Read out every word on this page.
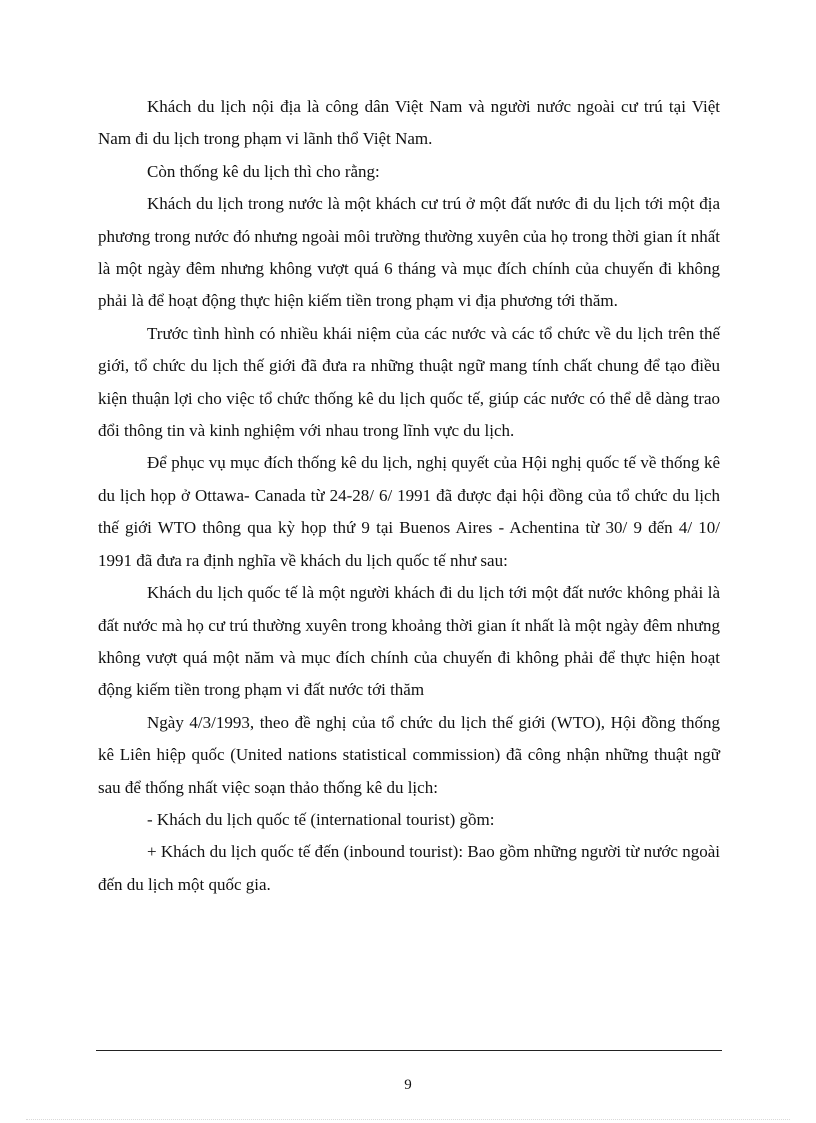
Khách du lịch nội địa là công dân Việt Nam và người nước ngoài cư trú tại Việt Nam đi du lịch trong phạm vi lãnh thổ Việt Nam.

Còn thống kê du lịch thì cho rằng:

Khách du lịch trong nước là một khách cư trú ở một đất nước đi du lịch tới một địa phương trong nước đó nhưng ngoài môi trường thường xuyên của họ trong thời gian ít nhất là một ngày đêm nhưng không vượt quá 6 tháng và mục đích chính của chuyến đi không phải là để hoạt động thực hiện kiếm tiền trong phạm vi địa phương tới thăm.

Trước tình hình có nhiều khái niệm của các nước và các tổ chức về du lịch trên thế giới, tổ chức du lịch thế giới đã đưa ra những thuật ngữ mang tính chất chung để tạo điều kiện thuận lợi cho việc tổ chức thống kê du lịch quốc tế, giúp các nước có thể dễ dàng trao đổi thông tin và kinh nghiệm với nhau trong lĩnh vực du lịch.

Để phục vụ mục đích thống kê du lịch, nghị quyết của Hội nghị quốc tế về thống kê du lịch họp ở Ottawa- Canada từ 24-28/ 6/ 1991 đã được đại hội đồng của tổ chức du lịch thế giới WTO thông qua kỳ họp thứ 9 tại Buenos Aires - Achentina từ 30/ 9 đến 4/ 10/ 1991 đã đưa ra định nghĩa về khách du lịch quốc tế như sau:

Khách du lịch quốc tế là một người khách đi du lịch tới một đất nước không phải là đất nước mà họ cư trú thường xuyên trong khoảng thời gian ít nhất là một ngày đêm nhưng không vượt quá một năm và mục đích chính của chuyến đi không phải để thực hiện hoạt động kiếm tiền trong phạm vi đất nước tới thăm

Ngày 4/3/1993, theo đề nghị của tổ chức du lịch thế giới (WTO), Hội đồng thống kê Liên hiệp quốc (United nations statistical commission) đã công nhận những thuật ngữ sau để thống nhất việc soạn thảo thống kê du lịch:

- Khách du lịch quốc tế (international tourist) gồm:

+ Khách du lịch quốc tế đến (inbound tourist): Bao gồm những người từ nước ngoài đến du lịch một quốc gia.

9
